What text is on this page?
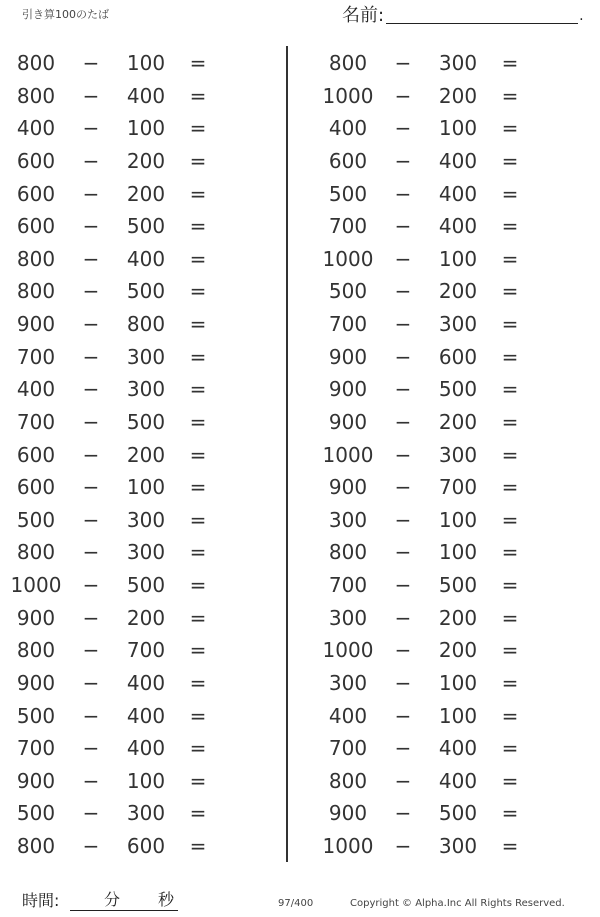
引き算100のたば	名前:	.
800	−	100	=
800	−	400	=
400	−	100	=
600	−	200	=
600	−	200	=
600	−	500	=
800	−	400	=
800	−	500	=
900	−	800	=
700	−	300	=
400	−	300	=
700	−	500	=
600	−	200	=
600	−	100	=
500	−	300	=
800	−	300	=
1000 −	500	=
900	−	200	=
800	−	700	=
900	−	400	=
500	−	400	=
700	−	400	=
900	−	100	=
500	−	300	=
800	−	600	=
800	−	300	=
1000 −	200	=
400	−	100	=
600	−	400	=
500	−	400	=
700	−	400	=
1000 −	100	=
500	−	200	=
700	−	300	=
900	−	600	=
900	−	500	=
900	−	200	=
1000 −	300	=
900	−	700	=
300	−	100	=
800	−	100	=
700	−	500	=
300	−	200	=
1000 −	200	=
300	−	100	=
400	−	100	=
700	−	400	=
800	−	400	=
900	−	500	=
1000 −	300	=
時間:	分 秒	97/400	Copyright © Alpha.Inc All Rights Reserved.
